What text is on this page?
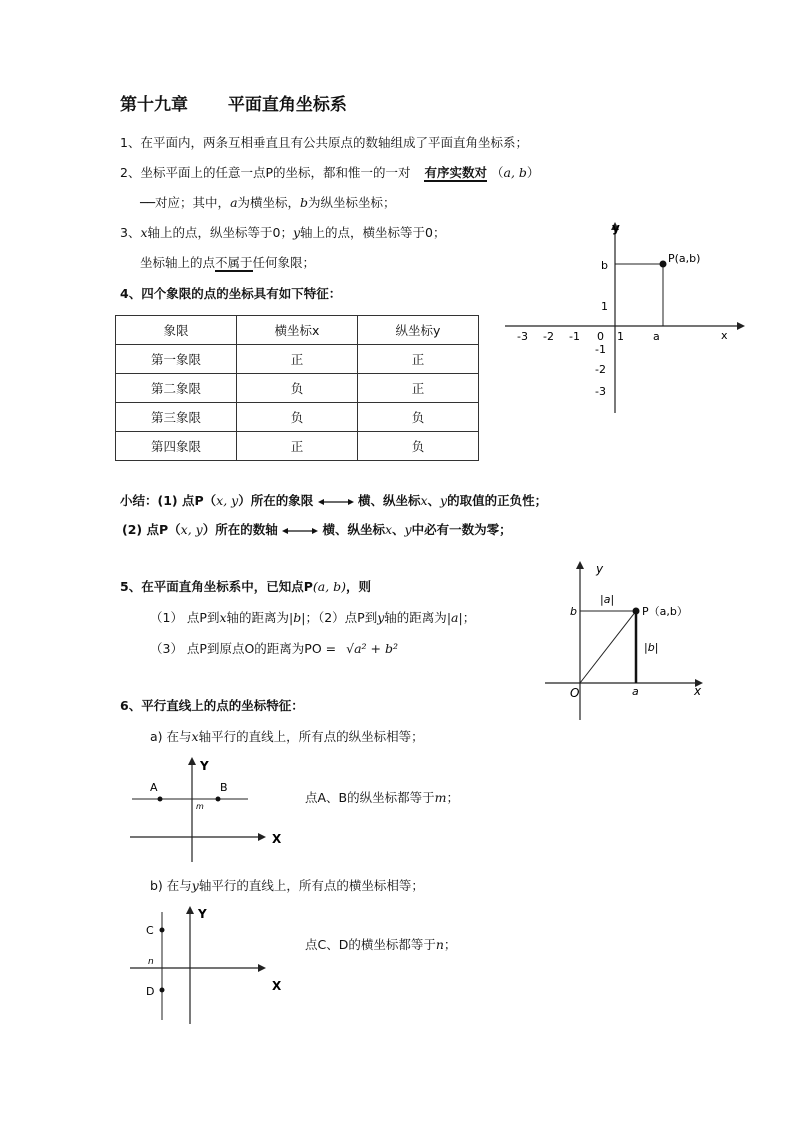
第十九章 平面直角坐标系
1、在平面内，两条互相垂直且有公共原点的数轴组成了平面直角坐标系；
2、坐标平面上的任意一点P的坐标，都和惟一的一对 有序实数对 （a, b）
──对应；其中，a为横坐标，b为纵坐标坐标；
3、x轴上的点，纵坐标等于0；y轴上的点，横坐标等于0；
坐标轴上的点不属于任何象限；
4、四个象限的点的坐标具有如下特征：
象限	横坐标x	纵坐标y
第一象限	正	正
第二象限	负	正
第三象限	负	负
第四象限	正	负
y
x
P(a,b)
b
a
1
1
-3 -2 -1 0
-1
-2
-3
小结：(1) 点P（x, y）所在的象限	横、纵坐标x、y的取值的正负性；
(2) 点P（x, y）所在的数轴	横、纵坐标x、y中必有一数为零；
5、在平面直角坐标系中，已知点P(a, b)，则
（1） 点P到x轴的距离为|b|；（2）点P到y轴的距离为|a|；
（3） 点P到原点O的距离为PO = √a² + b²
y
x
O
P（a,b）
b
a
|a|
|b|
6、平行直线上的点的坐标特征：
a) 在与x轴平行的直线上，所有点的纵坐标相等；
Y
X
A	B
m
点A、B的纵坐标都等于m；
b) 在与y轴平行的直线上，所有点的横坐标相等；
Y
X
C
D
n
点C、D的横坐标都等于n；
